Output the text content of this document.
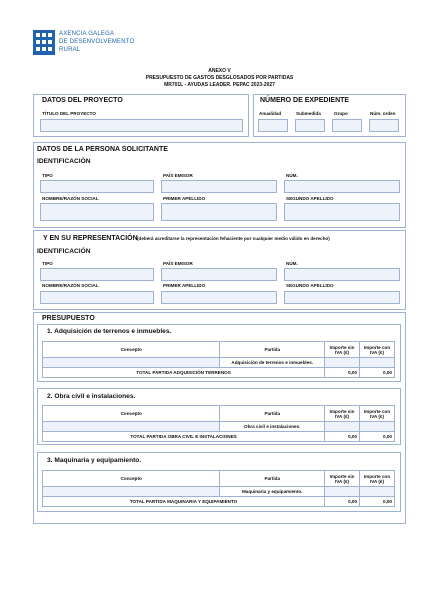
AXENCIA GALEGA
DE DESENVOLVEMENTO
RURAL
ANEXO V
PRESUPUESTO DE GASTOS DESGLOSADOS POR PARTIDAS
MR701L - AYUDAS LEADER. PEPAC 2023-2027
DATOS DEL PROYECTO
TÍTULO DEL PROYECTO
NÚMERO DE EXPEDIENTE
Anualidad	Submedida	Grupo	Núm. orden
DATOS DE LA PERSONA SOLICITANTE
IDENTIFICACIÓN
TIPO	PAÍS EMISOR	NÚM.
NOMBRE/RAZÓN SOCIAL	PRIMER APELLIDO	SEGUNDO APELLIDO
Y EN SU REPRESENTACIÓN (deberá acreditarse la representación fehaciente por cualquier medio válido en derecho)
IDENTIFICACIÓN
TIPO	PAÍS EMISOR	NÚM.
NOMBRE/RAZÓN SOCIAL	PRIMER APELLIDO	SEGUNDO APELLIDO
PRESUPUESTO
1. Adquisición de terrenos e inmuebles.
Concepto	Partida	Importe sin IVA (€)	Importe con IVA (€)
	Adquisición de terrenos e inmuebles.		
TOTAL PARTIDA ADQUISICIÓN TERRENOS		0,00	0,00
2. Obra civil e instalaciones.
Concepto	Partida	Importe sin IVA (€)	Importe con IVA (€)
	Obra civil e instalaciones.		
TOTAL PARTIDA OBRA CIVIL E INSTALACIONES		0,00	0,00
3. Maquinaria y equipamiento.
Concepto	Partida	Importe sin IVA (€)	Importe con IVA (€)
	Maquinaria y equipamiento.		
TOTAL PARTIDA MAQUINARIA Y EQUIPAMIENTO		0,00	0,00
